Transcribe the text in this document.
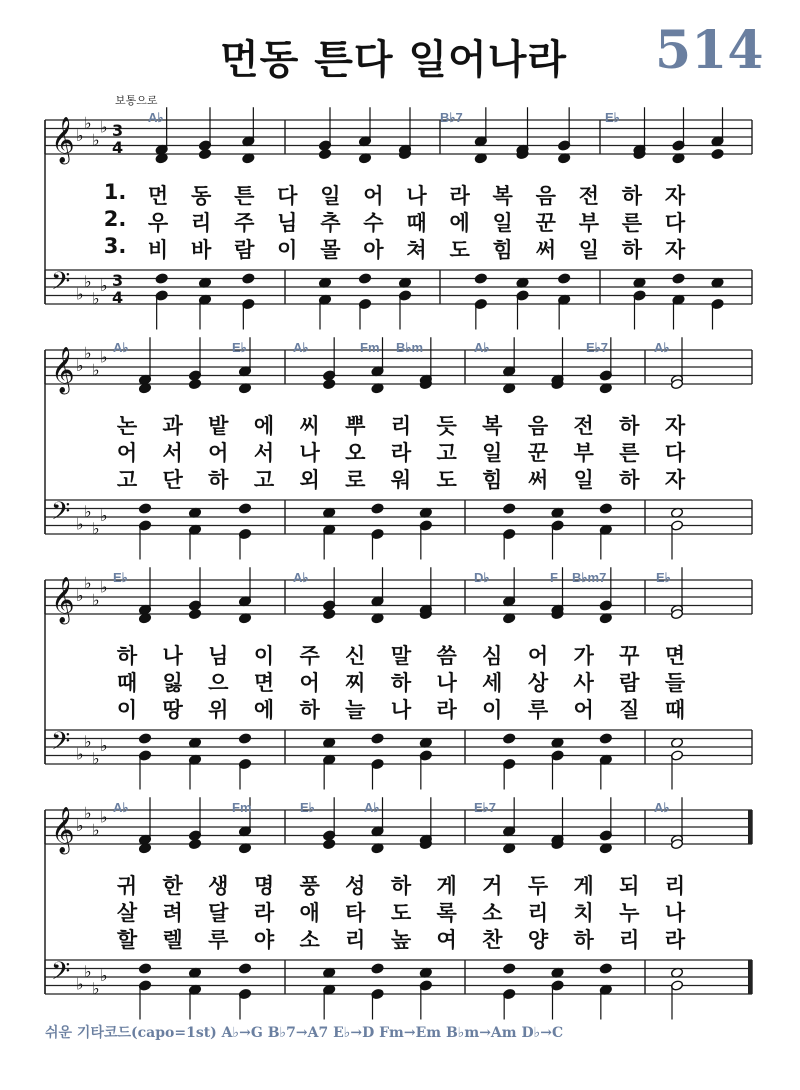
먼동 튼다 일어나라 514
보통으로
𝄞
𝄢
♭
♭
♭
♭
♭
♭
♭
♭
3
4
3
4
𝄞
𝄢
♭
♭
♭
♭
♭
♭
♭
♭
𝄞
𝄢
♭
♭
♭
♭
♭
♭
♭
♭
𝄞
𝄢
♭
♭
♭
♭
♭
♭
♭
♭
A♭	B♭7	E♭
1. 먼 동 튼 다 일 어 나 라 복 음 전 하 자
2. 우 리 주 님 추 수 때 에 일 꾼 부 른 다
3. 비 바 람 이 몰 아 쳐 도 힘 써 일 하 자
A♭	E♭	A♭	Fm B♭m	A♭	E♭7	A♭
논 과 밭 에 씨 뿌 리 듯 복 음 전 하 자
어 서 어 서 나 오 라 고 일 꾼 부 른 다
고 단 하 고 외 로 워 도 힘 써 일 하 자
E♭	A♭	D♭	F B♭m7	E♭
하 나 님 이 주 신 말 씀 심 어 가 꾸 면
때 잃 으 면 어 찌 하 나 세 상 사 람 들
이 땅 위 에 하 늘 나 라 이 루 어 질 때
A♭	Fm	E♭	A♭	E♭7	A♭
귀 한 생 명 풍 성 하 게 거 두 게 되 리
살 려 달 라 애 타 도 록 소 리 치 누 나
할 렐 루 야 소 리 높 여 찬 양 하 리 라
쉬운 기타코드(capo=1st) A♭→G B♭7→A7 E♭→D Fm→Em B♭m→Am D♭→C
